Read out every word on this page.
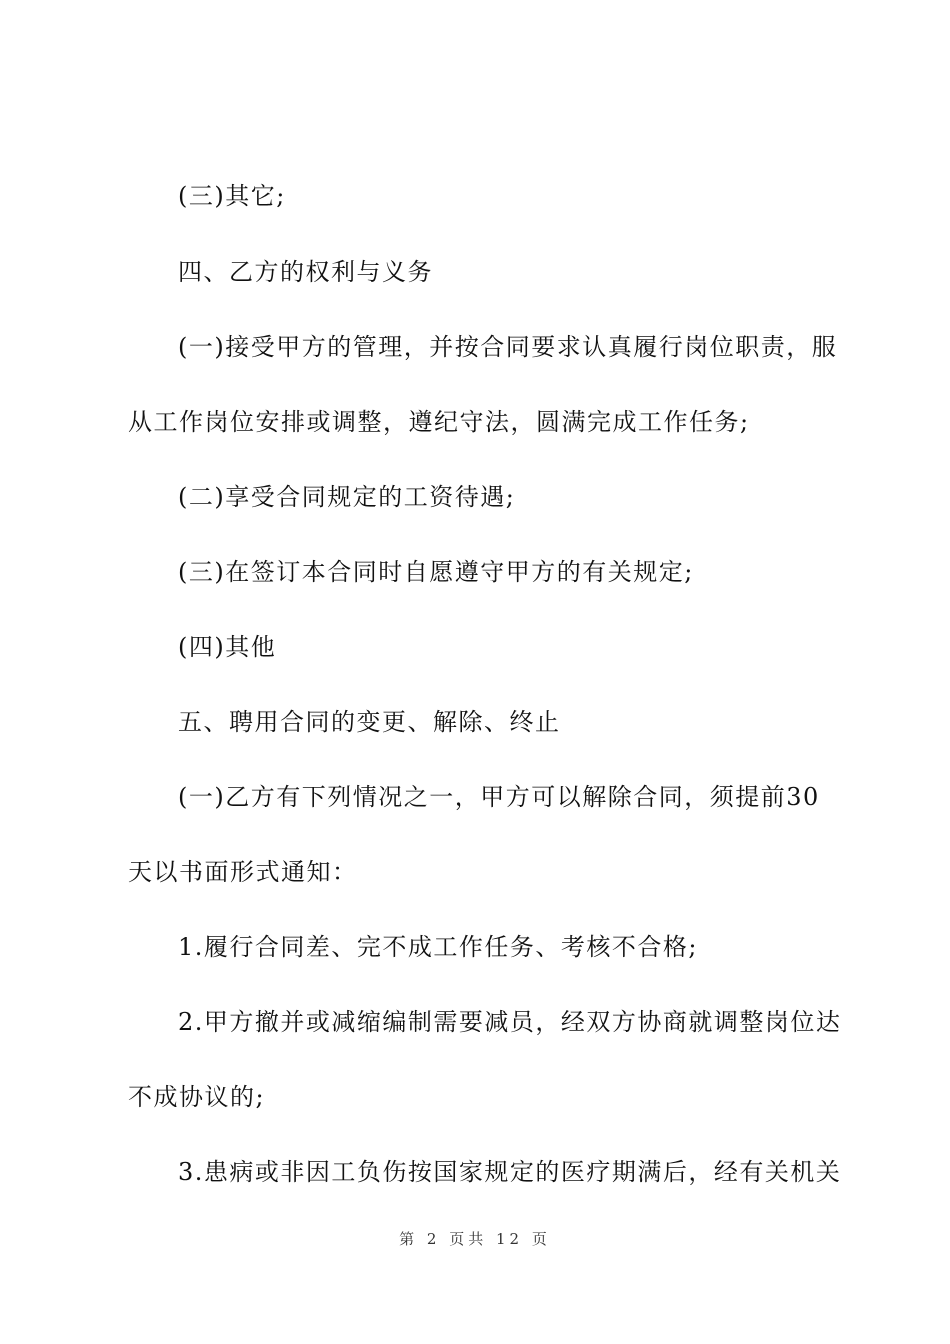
(三)其它;
四、乙方的权利与义务
(一)接受甲方的管理，并按合同要求认真履行岗位职责，服
从工作岗位安排或调整，遵纪守法，圆满完成工作任务;
(二)享受合同规定的工资待遇;
(三)在签订本合同时自愿遵守甲方的有关规定;
(四)其他
五、聘用合同的变更、解除、终止
(一)乙方有下列情况之一，甲方可以解除合同，须提前30
天以书面形式通知：
1.履行合同差、完不成工作任务、考核不合格;
2.甲方撤并或减缩编制需要减员，经双方协商就调整岗位达
不成协议的;
3.患病或非因工负伤按国家规定的医疗期满后，经有关机关
第 2 页共 12 页
